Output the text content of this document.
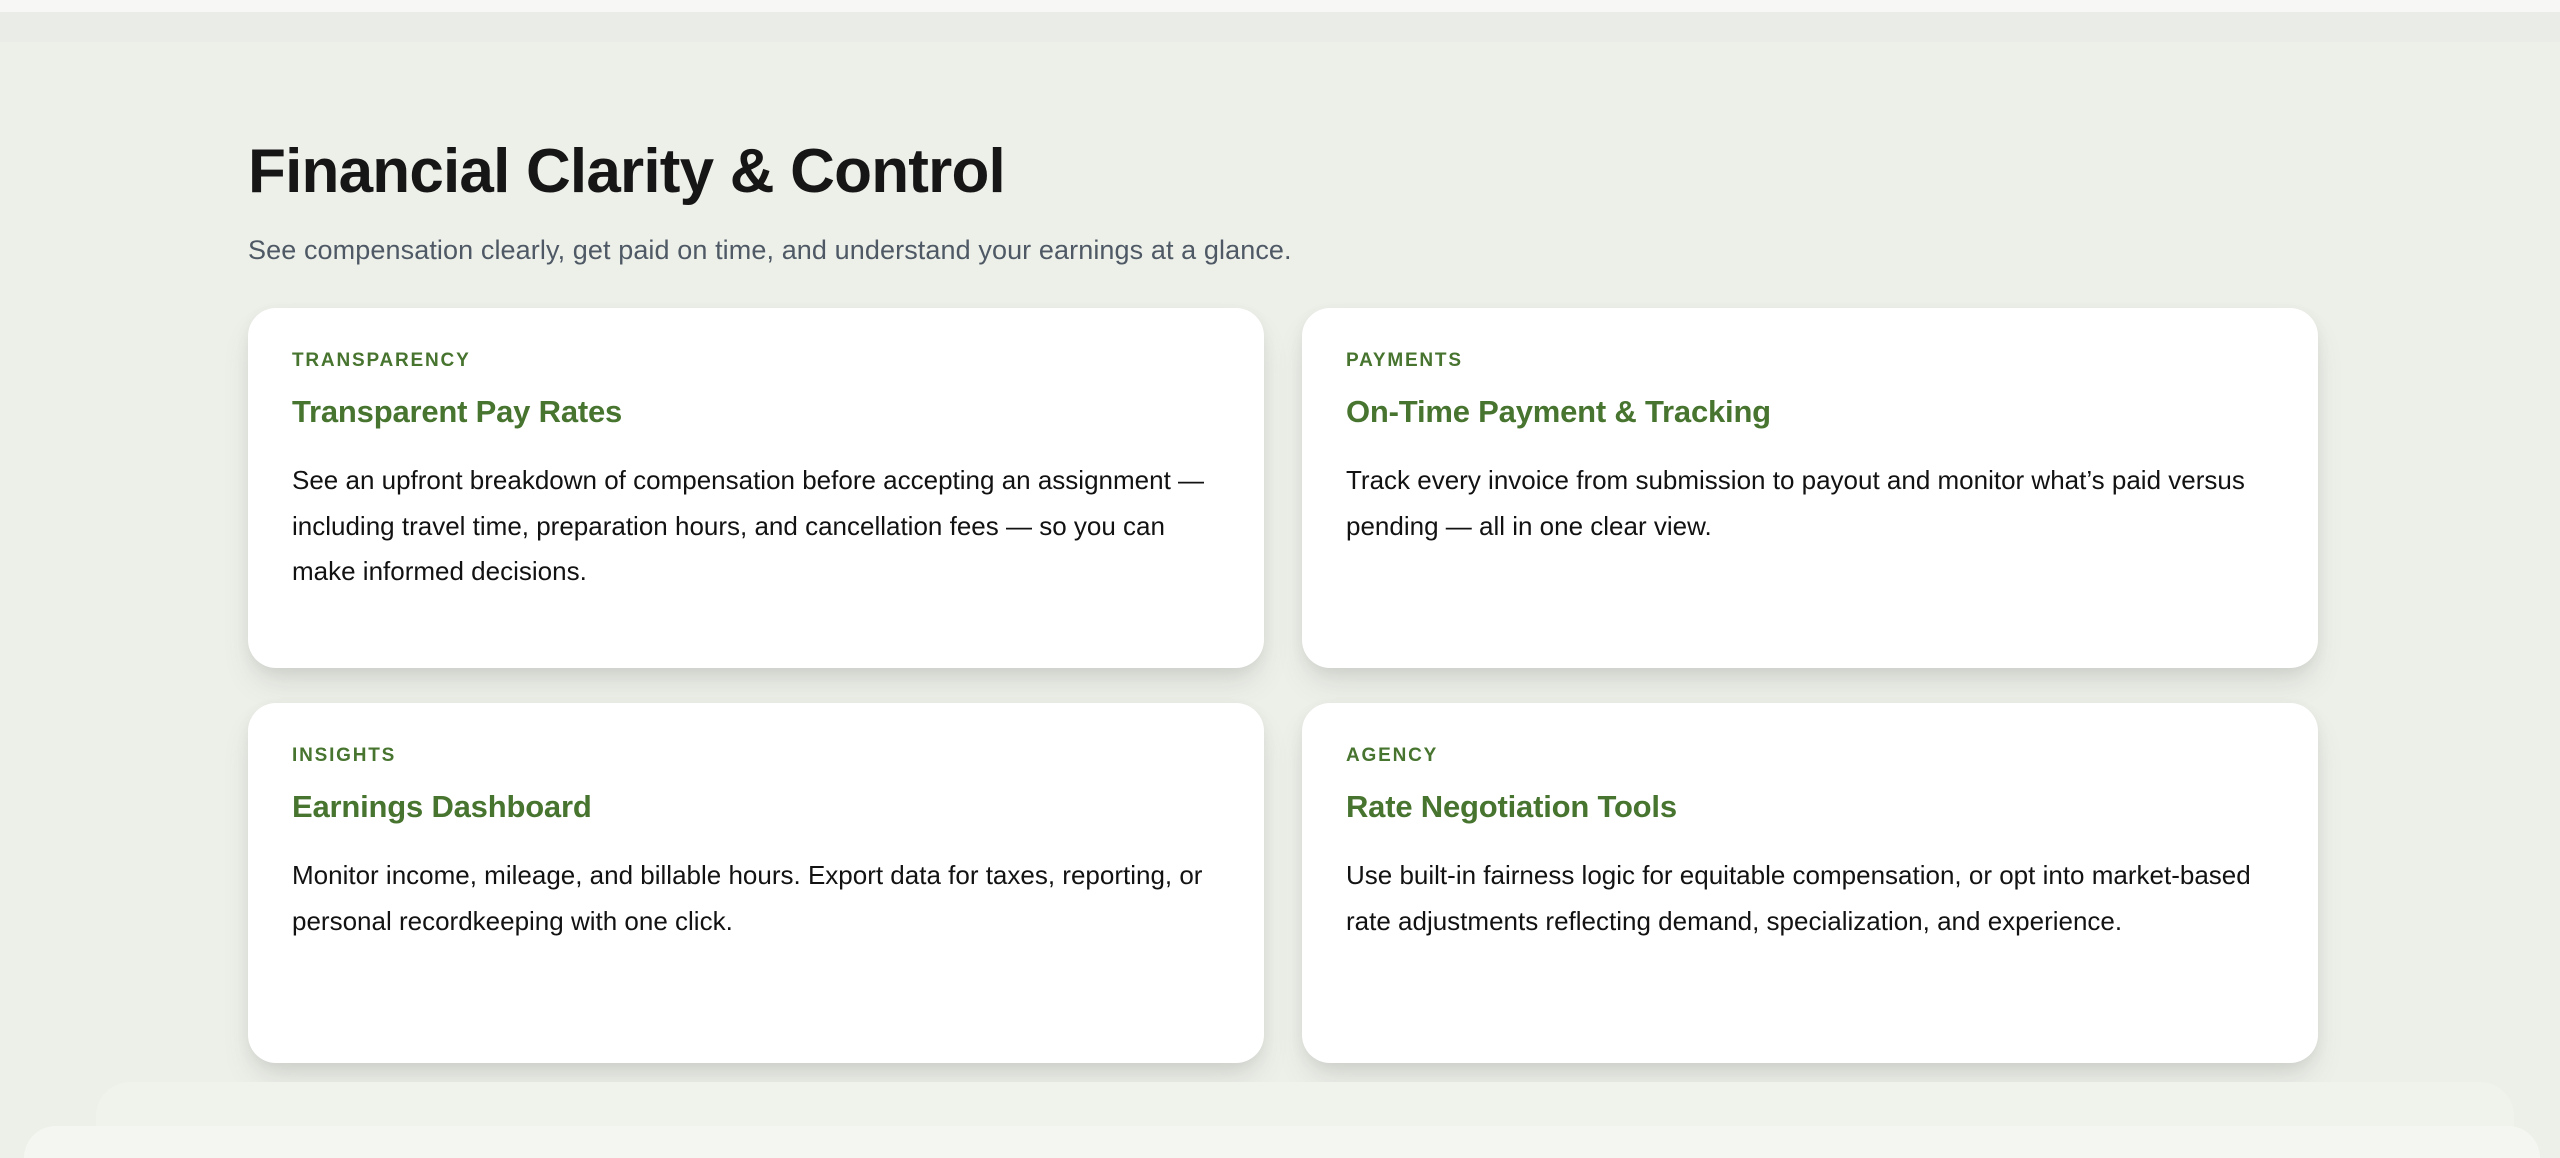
Financial Clarity & Control
See compensation clearly, get paid on time, and understand your earnings at a glance.
TRANSPARENCY
Transparent Pay Rates
See an upfront breakdown of compensation before accepting an assignment — including travel time, preparation hours, and cancellation fees — so you can make informed decisions.
PAYMENTS
On-Time Payment & Tracking
Track every invoice from submission to payout and monitor what’s paid versus pending — all in one clear view.
INSIGHTS
Earnings Dashboard
Monitor income, mileage, and billable hours. Export data for taxes, reporting, or personal recordkeeping with one click.
AGENCY
Rate Negotiation Tools
Use built-in fairness logic for equitable compensation, or opt into market-based rate adjustments reflecting demand, specialization, and experience.
